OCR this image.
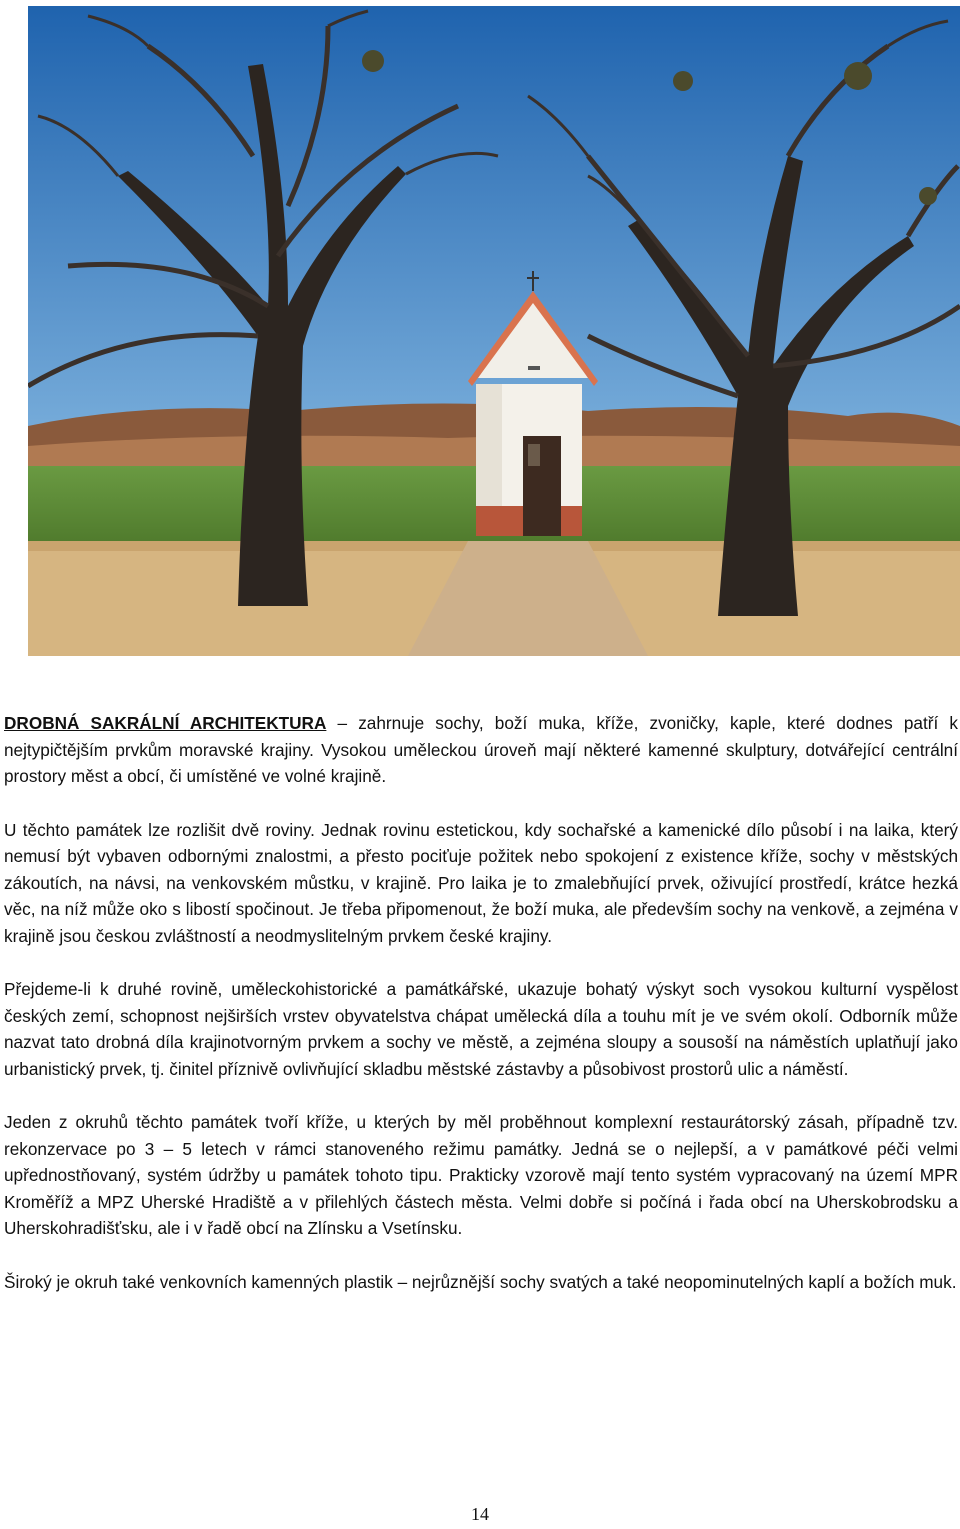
DROBNÁ SAKRÁLNÍ ARCHITEKTURA – zahrnuje sochy, boží muka, kříže, zvoničky, kaple, které dodnes patří k nejtypičtějším prvkům moravské krajiny. Vysokou uměleckou úroveň mají některé kamenné skulptury, dotvářející centrální prostory měst a obcí, či umístěné ve volné krajině.

U těchto památek lze rozlišit dvě roviny. Jednak rovinu estetickou, kdy sochařské a kamenické dílo působí i na laika, který nemusí být vybaven odbornými znalostmi, a přesto pociťuje požitek nebo spokojení z existence kříže, sochy v městských zákoutích, na návsi, na venkovském můstku, v krajině. Pro laika je to zmalebňující prvek, oživující prostředí, krátce hezká věc, na níž může oko s libostí spočinout. Je třeba připomenout, že boží muka, ale především sochy na venkově, a zejména v krajině jsou českou zvláštností a neodmyslitelným prvkem české krajiny.

Přejdeme-li k druhé rovině, uměleckohistorické a památkářské, ukazuje bohatý výskyt soch vysokou kulturní vyspělost českých zemí, schopnost nejširších vrstev obyvatelstva chápat umělecká díla a touhu mít je ve svém okolí. Odborník může nazvat tato drobná díla krajinotvorným prvkem a sochy ve městě, a zejména sloupy a sousoší na náměstích uplatňují jako urbanistický prvek, tj. činitel příznivě ovlivňující skladbu městské zástavby a působivost prostorů ulic a náměstí.

Jeden z okruhů těchto památek tvoří kříže, u kterých by měl proběhnout komplexní restaurátorský zásah, případně tzv. rekonzervace po 3 – 5 letech v rámci stanoveného režimu památky. Jedná se o nejlepší, a v památkové péči velmi upřednostňovaný, systém údržby u památek tohoto tipu. Prakticky vzorově mají tento systém vypracovaný na území MPR Kroměříž a MPZ Uherské Hradiště a v přilehlých částech města. Velmi dobře si počíná i řada obcí na Uherskobrodsku a Uherskohradišťsku, ale i v řadě obcí na Zlínsku a Vsetínsku.

Široký je okruh také venkovních kamenných plastik – nejrůznější sochy svatých a také neopominutelných kaplí a božích muk.

14
